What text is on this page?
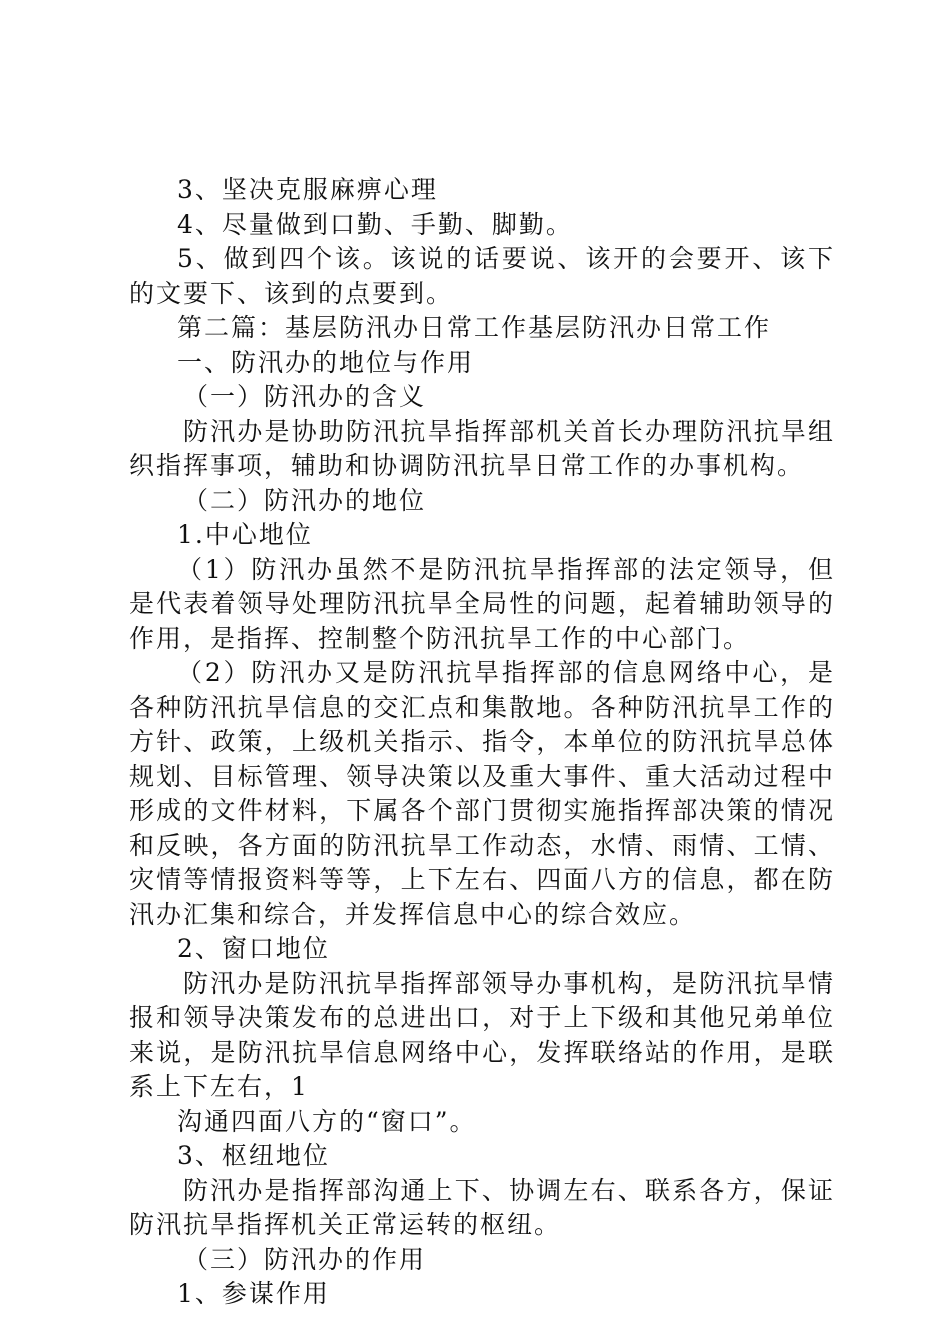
3、坚决克服麻痹心理

4、尽量做到口勤、手勤、脚勤。

5、做到四个该。该说的话要说、该开的会要开、该下的文要下、该到的点要到。

第二篇：基层防汛办日常工作基层防汛办日常工作

一、防汛办的地位与作用

（一）防汛办的含义

防汛办是协助防汛抗旱指挥部机关首长办理防汛抗旱组织指挥事项，辅助和协调防汛抗旱日常工作的办事机构。

（二）防汛办的地位

1.中心地位

（1）防汛办虽然不是防汛抗旱指挥部的法定领导，但是代表着领导处理防汛抗旱全局性的问题，起着辅助领导的作用，是指挥、控制整个防汛抗旱工作的中心部门。

（2）防汛办又是防汛抗旱指挥部的信息网络中心，是各种防汛抗旱信息的交汇点和集散地。各种防汛抗旱工作的方针、政策，上级机关指示、指令，本单位的防汛抗旱总体规划、目标管理、领导决策以及重大事件、重大活动过程中形成的文件材料，下属各个部门贯彻实施指挥部决策的情况和反映，各方面的防汛抗旱工作动态，水情、雨情、工情、灾情等情报资料等等，上下左右、四面八方的信息，都在防汛办汇集和综合，并发挥信息中心的综合效应。

2、窗口地位

防汛办是防汛抗旱指挥部领导办事机构，是防汛抗旱情报和领导决策发布的总进出口，对于上下级和其他兄弟单位来说，是防汛抗旱信息网络中心，发挥联络站的作用，是联系上下左右，1

沟通四面八方的“窗口”。

3、枢纽地位

防汛办是指挥部沟通上下、协调左右、联系各方，保证防汛抗旱指挥机关正常运转的枢纽。

（三）防汛办的作用

1、参谋作用
